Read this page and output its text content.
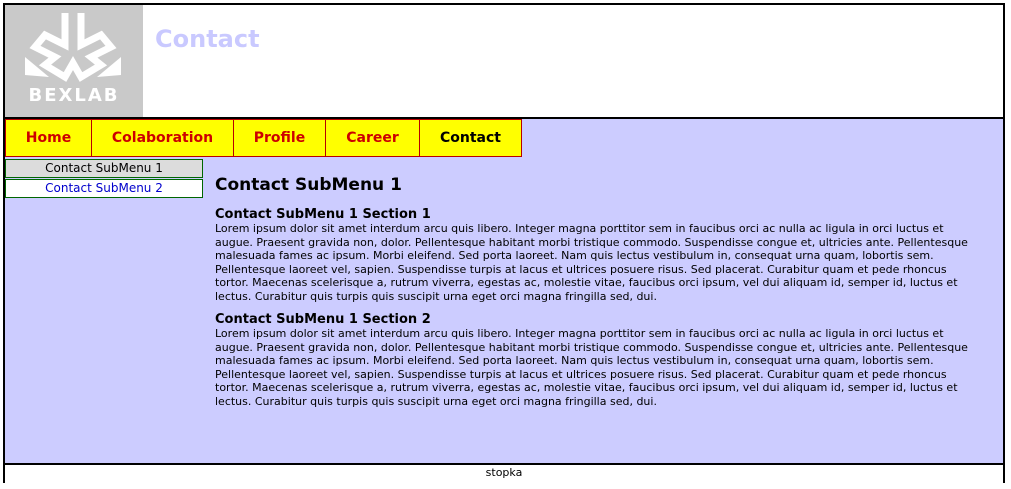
BEXLAB
Contact
Home	Colaboration	Profile	Career	Contact
Contact SubMenu 1
Contact SubMenu 2	Contact SubMenu 1
Contact SubMenu 1 Section 1

Lorem ipsum dolor sit amet interdum arcu quis libero. Integer magna porttitor sem in faucibus orci ac nulla ac ligula in orci luctus et augue. Praesent gravida non, dolor. Pellentesque habitant morbi tristique commodo. Suspendisse congue et, ultricies ante. Pellentesque malesuada fames ac ipsum. Morbi eleifend. Sed porta laoreet. Nam quis lectus vestibulum in, consequat urna quam, lobortis sem. Pellentesque laoreet vel, sapien. Suspendisse turpis at lacus et ultrices posuere risus. Sed placerat. Curabitur quam et pede rhoncus tortor. Maecenas scelerisque a, rutrum viverra, egestas ac, molestie vitae, faucibus orci ipsum, vel dui aliquam id, semper id, luctus et lectus. Curabitur quis turpis quis suscipit urna eget orci magna fringilla sed, dui.

Contact SubMenu 1 Section 2

Lorem ipsum dolor sit amet interdum arcu quis libero. Integer magna porttitor sem in faucibus orci ac nulla ac ligula in orci luctus et augue. Praesent gravida non, dolor. Pellentesque habitant morbi tristique commodo. Suspendisse congue et, ultricies ante. Pellentesque malesuada fames ac ipsum. Morbi eleifend. Sed porta laoreet. Nam quis lectus vestibulum in, consequat urna quam, lobortis sem. Pellentesque laoreet vel, sapien. Suspendisse turpis at lacus et ultrices posuere risus. Sed placerat. Curabitur quam et pede rhoncus tortor. Maecenas scelerisque a, rutrum viverra, egestas ac, molestie vitae, faucibus orci ipsum, vel dui aliquam id, semper id, luctus et lectus. Curabitur quis turpis quis suscipit urna eget orci magna fringilla sed, dui.

stopka
